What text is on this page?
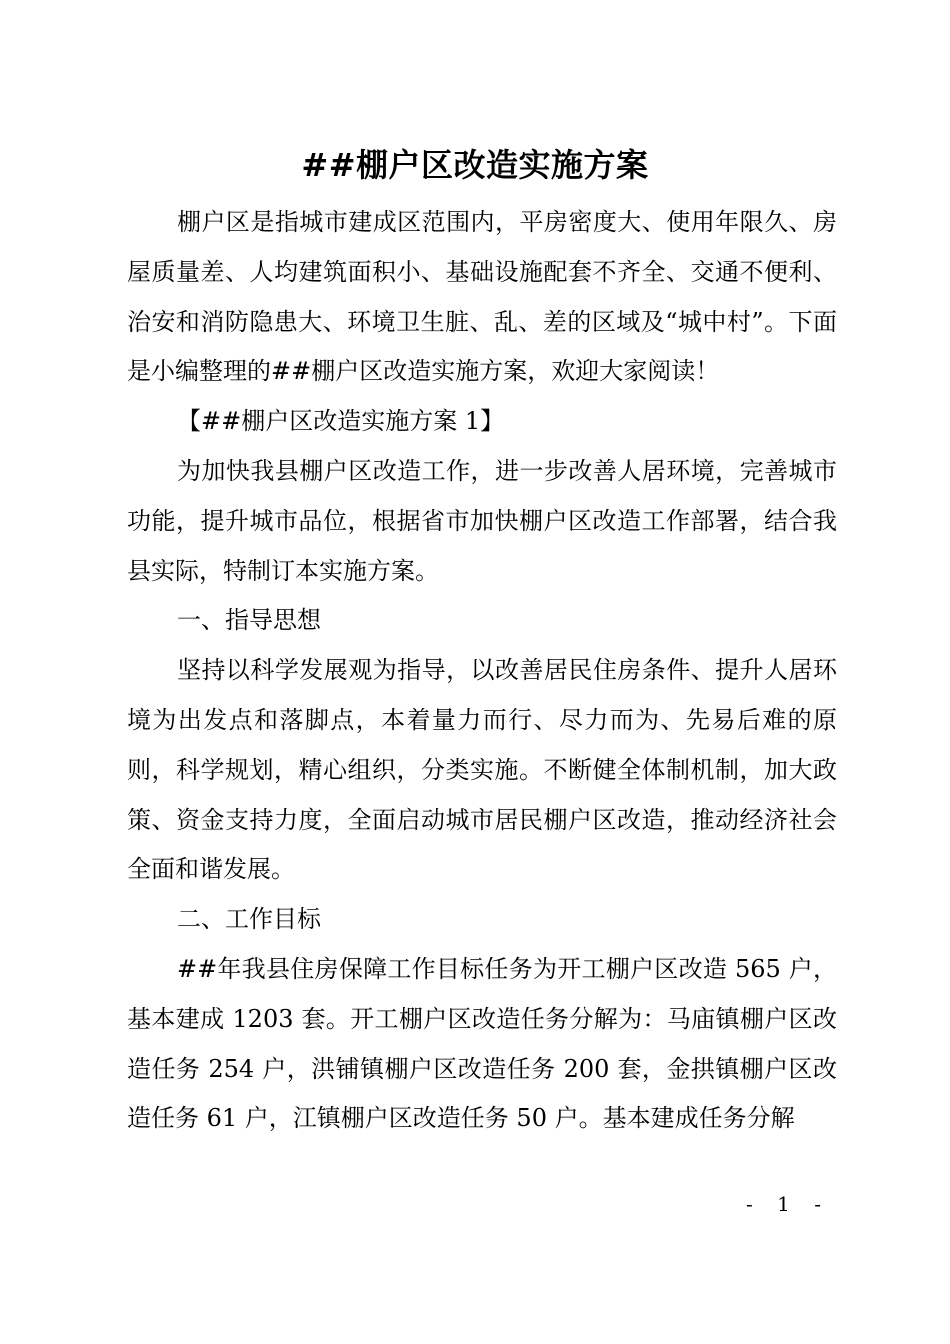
##棚户区改造实施方案

棚户区是指城市建成区范围内，平房密度大、使用年限久、房屋质量差、人均建筑面积小、基础设施配套不齐全、交通不便利、治安和消防隐患大、环境卫生脏、乱、差的区域及“城中村”。下面是小编整理的##棚户区改造实施方案，欢迎大家阅读！

【##棚户区改造实施方案 1】

为加快我县棚户区改造工作，进一步改善人居环境，完善城市功能，提升城市品位，根据省市加快棚户区改造工作部署，结合我县实际，特制订本实施方案。

一、指导思想

坚持以科学发展观为指导，以改善居民住房条件、提升人居环境为出发点和落脚点，本着量力而行、尽力而为、先易后难的原则，科学规划，精心组织，分类实施。不断健全体制机制，加大政策、资金支持力度，全面启动城市居民棚户区改造，推动经济社会全面和谐发展。

二、工作目标

##年我县住房保障工作目标任务为开工棚户区改造 565 户，基本建成 1203 套。开工棚户区改造任务分解为：马庙镇棚户区改造任务 254 户，洪铺镇棚户区改造任务 200 套，金拱镇棚户区改造任务 61 户，江镇棚户区改造任务 50 户。基本建成任务分解

- 1 -
